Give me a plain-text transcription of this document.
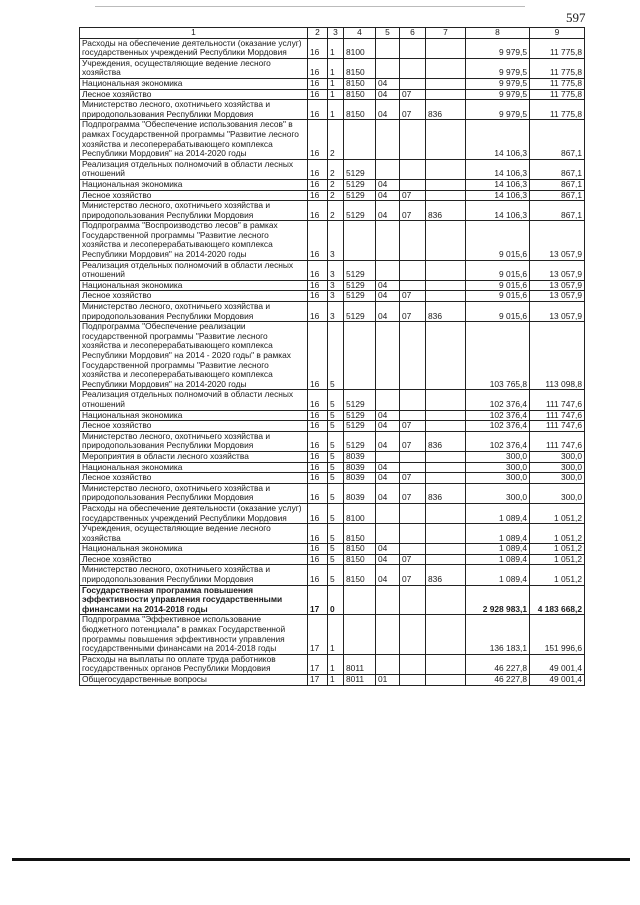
597
1	2	3	4	5	6	7	8	9
Расходы на обеспечение деятельности (оказание услуг) государственных учреждений Республики Мордовия	16	1	8100				9 979,5	11 775,8
Учреждения, осуществляющие ведение лесного хозяйства	16	1	8150				9 979,5	11 775,8
Национальная экономика	16	1	8150	04			9 979,5	11 775,8
Лесное хозяйство	16	1	8150	04	07		9 979,5	11 775,8
Министерство лесного, охотничьего хозяйства и природопользования Республики Мордовия	16	1	8150	04	07	836	9 979,5	11 775,8
Подпрограмма "Обеспечение использования лесов" в рамках Государственной программы "Развитие лесного хозяйства и лесоперерабатывающего комплекса Республики Мордовия" на 2014-2020 годы	16	2					14 106,3	867,1
Реализация отдельных полномочий в области лесных отношений	16	2	5129				14 106,3	867,1
Национальная экономика	16	2	5129	04			14 106,3	867,1
Лесное хозяйство	16	2	5129	04	07		14 106,3	867,1
Министерство лесного, охотничьего хозяйства и природопользования Республики Мордовия	16	2	5129	04	07	836	14 106,3	867,1
Подпрограмма "Воспроизводство лесов" в рамках Государственной программы "Развитие лесного хозяйства и лесоперерабатывающего комплекса Республики Мордовия" на 2014-2020 годы	16	3					9 015,6	13 057,9
Реализация отдельных полномочий в области лесных отношений	16	3	5129				9 015,6	13 057,9
Национальная экономика	16	3	5129	04			9 015,6	13 057,9
Лесное хозяйство	16	3	5129	04	07		9 015,6	13 057,9
Министерство лесного, охотничьего хозяйства и природопользования Республики Мордовия	16	3	5129	04	07	836	9 015,6	13 057,9
Подпрограмма "Обеспечение реализации государственной программы "Развитие лесного хозяйства и лесоперерабатывающего комплекса Республики Мордовия" на 2014 - 2020 годы" в рамках Государственной программы "Развитие лесного хозяйства и лесоперерабатывающего комплекса Республики Мордовия" на 2014-2020 годы	16	5					103 765,8	113 098,8
Реализация отдельных полномочий в области лесных отношений	16	5	5129				102 376,4	111 747,6
Национальная экономика	16	5	5129	04			102 376,4	111 747,6
Лесное хозяйство	16	5	5129	04	07		102 376,4	111 747,6
Министерство лесного, охотничьего хозяйства и природопользования Республики Мордовия	16	5	5129	04	07	836	102 376,4	111 747,6
Мероприятия в области лесного хозяйства	16	5	8039				300,0	300,0
Национальная экономика	16	5	8039	04			300,0	300,0
Лесное хозяйство	16	5	8039	04	07		300,0	300,0
Министерство лесного, охотничьего хозяйства и природопользования Республики Мордовия	16	5	8039	04	07	836	300,0	300,0
Расходы на обеспечение деятельности (оказание услуг) государственных учреждений Республики Мордовия	16	5	8100				1 089,4	1 051,2
Учреждения, осуществляющие ведение лесного хозяйства	16	5	8150				1 089,4	1 051,2
Национальная экономика	16	5	8150	04			1 089,4	1 051,2
Лесное хозяйство	16	5	8150	04	07		1 089,4	1 051,2
Министерство лесного, охотничьего хозяйства и природопользования Республики Мордовия	16	5	8150	04	07	836	1 089,4	1 051,2
Государственная программа повышения эффективности управления государственными финансами на 2014-2018 годы	17	0					2 928 983,1	4 183 668,2
Подпрограмма "Эффективное использование бюджетного потенциала" в рамках Государственной программы повышения эффективности управления государственными финансами на 2014-2018 годы	17	1					136 183,1	151 996,6
Расходы на выплаты по оплате труда работников государственных органов Республики Мордовия	17	1	8011				46 227,8	49 001,4
Общегосударственные вопросы	17	1	8011	01			46 227,8	49 001,4
